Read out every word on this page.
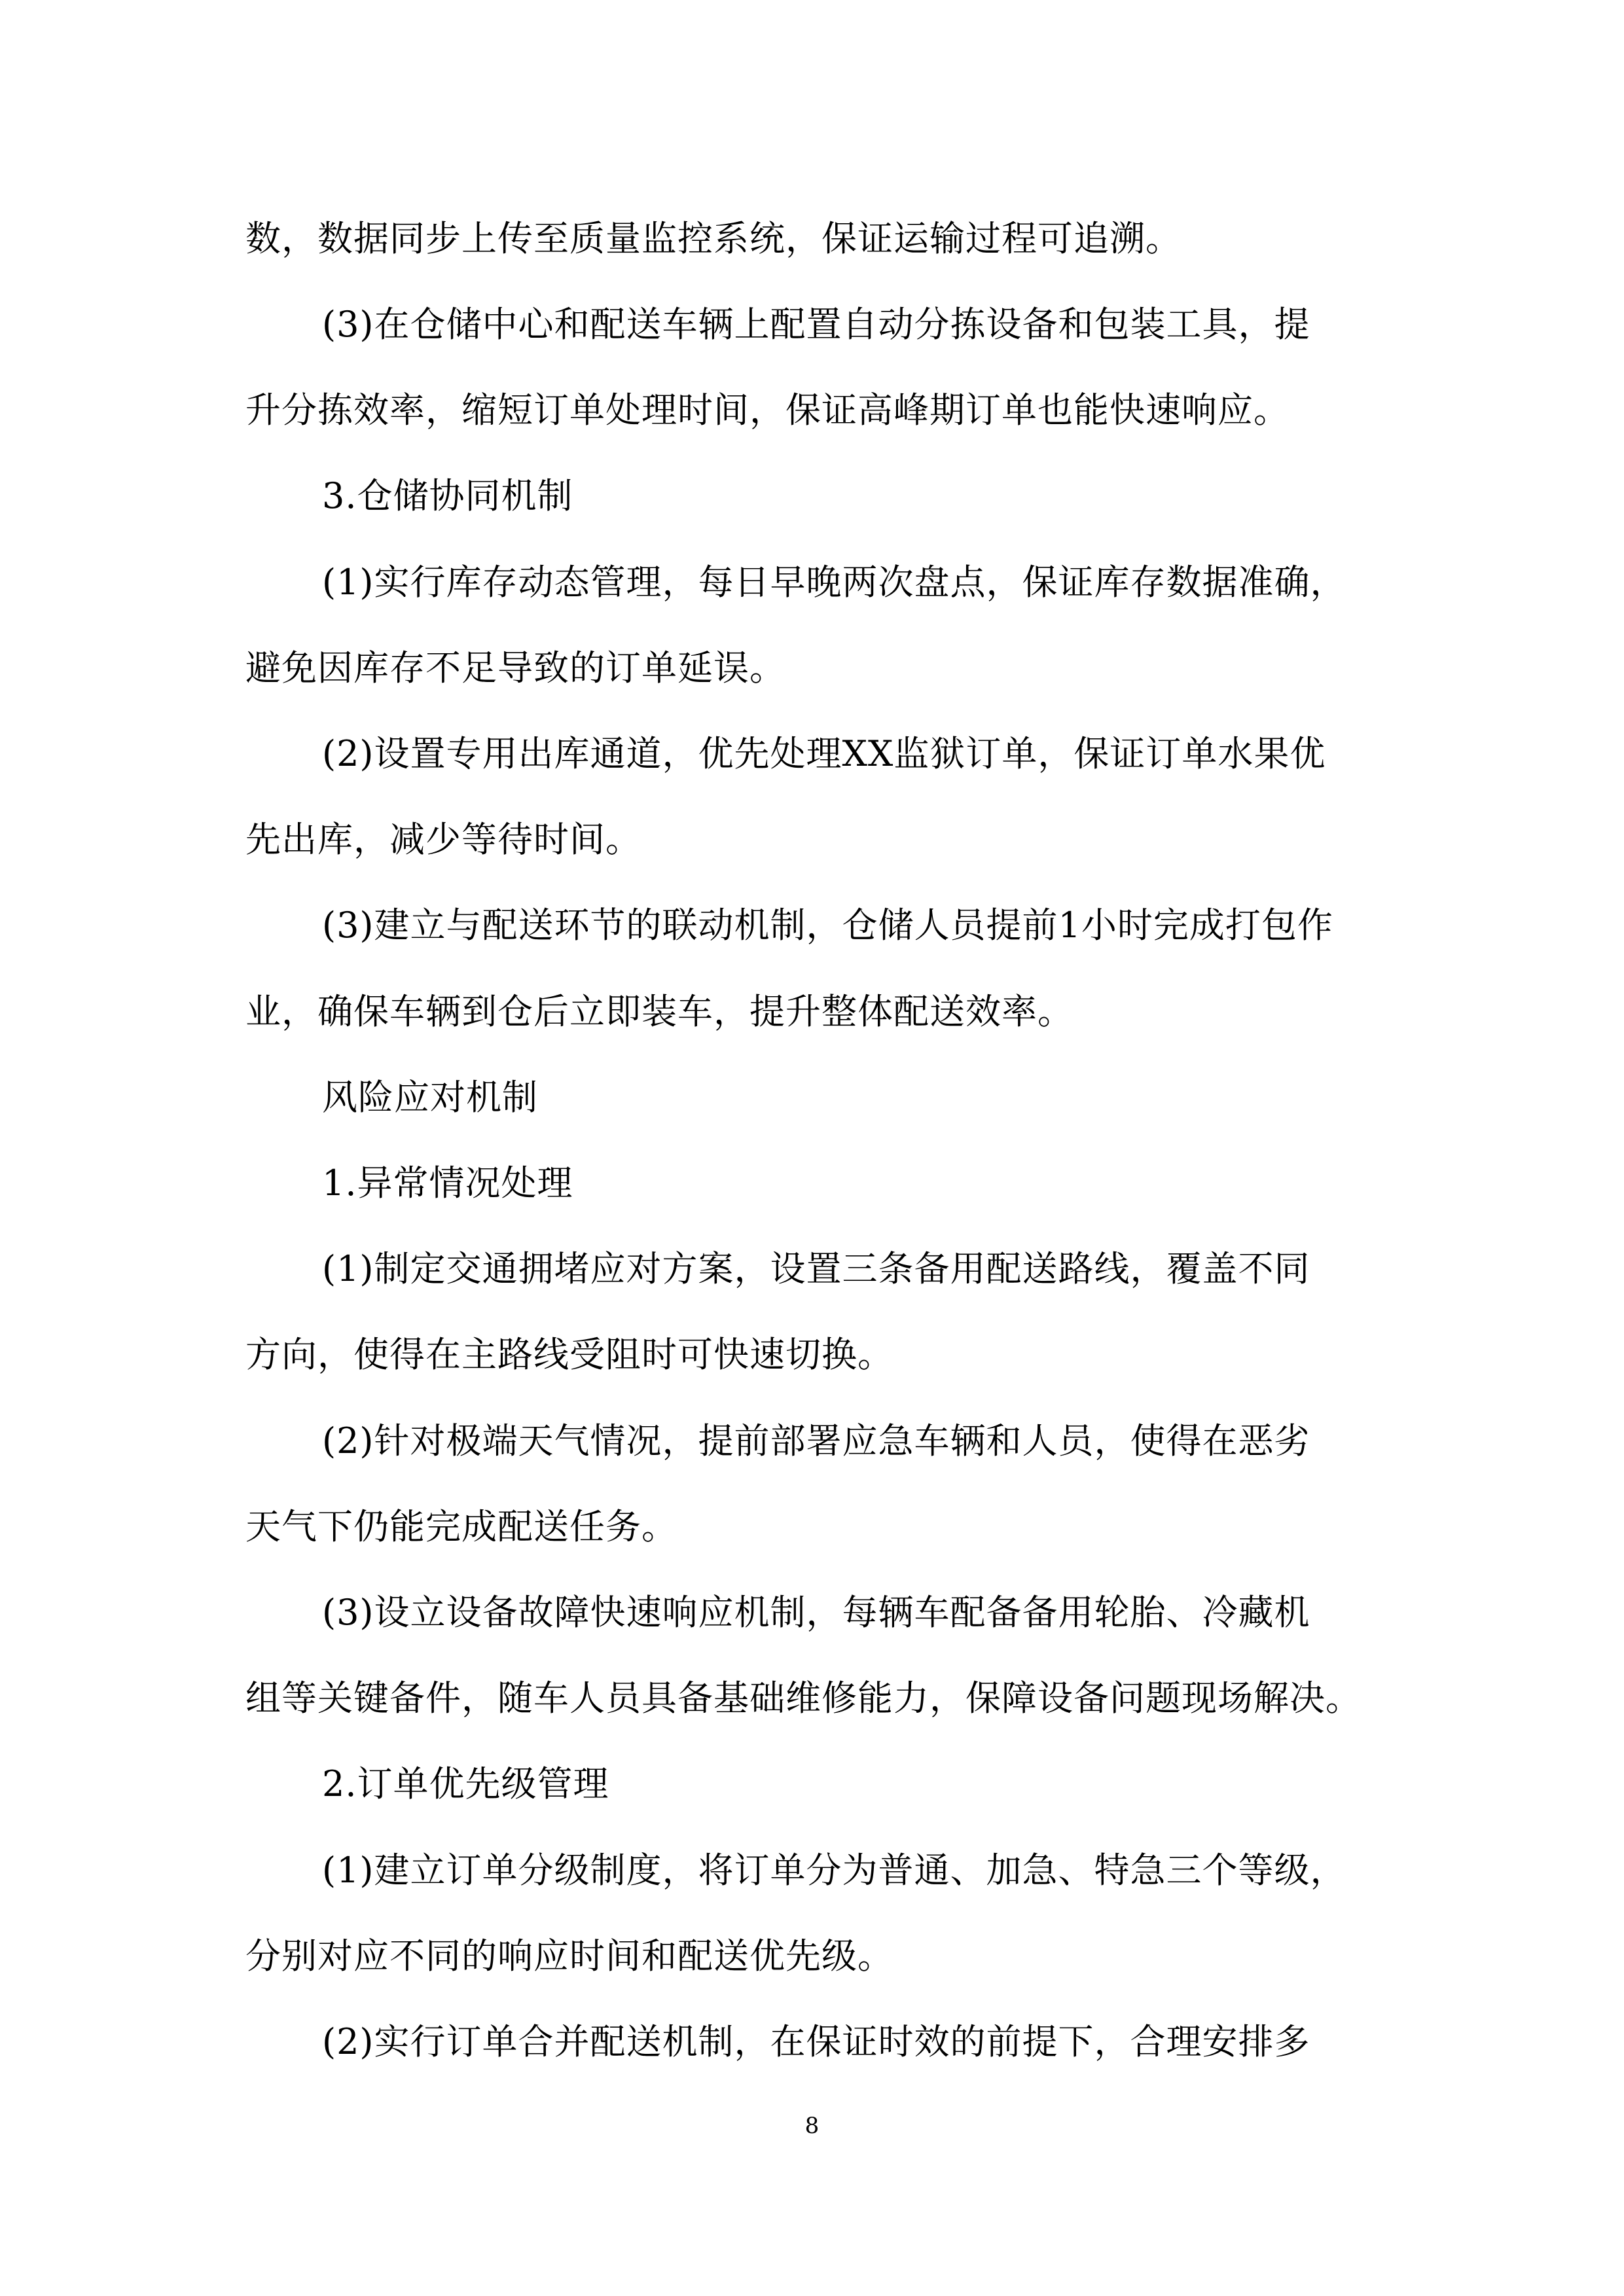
数，数据同步上传至质量监控系统，保证运输过程可追溯。
(3)在仓储中心和配送车辆上配置自动分拣设备和包装工具，提
升分拣效率，缩短订单处理时间，保证高峰期订单也能快速响应。
3.仓储协同机制
(1)实行库存动态管理，每日早晚两次盘点，保证库存数据准确，
避免因库存不足导致的订单延误。
(2)设置专用出库通道，优先处理XX监狱订单，保证订单水果优
先出库，减少等待时间。
(3)建立与配送环节的联动机制，仓储人员提前1小时完成打包作
业，确保车辆到仓后立即装车，提升整体配送效率。
风险应对机制
1.异常情况处理
(1)制定交通拥堵应对方案，设置三条备用配送路线，覆盖不同
方向，使得在主路线受阻时可快速切换。
(2)针对极端天气情况，提前部署应急车辆和人员，使得在恶劣
天气下仍能完成配送任务。
(3)设立设备故障快速响应机制，每辆车配备备用轮胎、冷藏机
组等关键备件，随车人员具备基础维修能力，保障设备问题现场解决。
2.订单优先级管理
(1)建立订单分级制度，将订单分为普通、加急、特急三个等级，
分别对应不同的响应时间和配送优先级。
(2)实行订单合并配送机制，在保证时效的前提下，合理安排多
8
